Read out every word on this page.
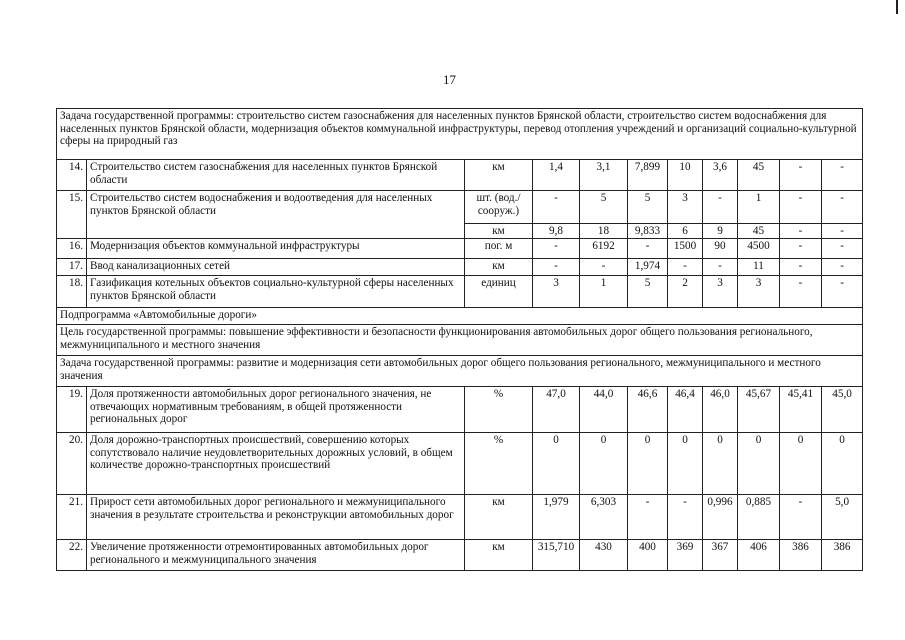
17
Задача государственной программы: строительство систем газоснабжения для населенных пунктов Брянской области, строительство систем водоснабжения для населенных пунктов Брянской области, модернизация объектов коммунальной инфраструктуры, перевод отопления учреждений и организаций социально-культурной сферы на природный газ										
14.	Строительство систем газоснабжения для населенных пунктов Брянской области	км	1,4	3,1	7,899	10	3,6	45	-	-
15.	Строительство систем водоснабжения и водоотведения для населенных пунктов Брянской области	шт. (вод./ сооруж.)	-	5	5	3	-	1	-	-
		км	9,8	18	9,833	6	9	45	-	-
16.	Модернизация объектов коммунальной инфраструктуры	пог. м	-	6192	-	1500	90	4500	-	-
17.	Ввод канализационных сетей	км	-	-	1,974	-	-	11	-	-
18.	Газификация котельных объектов социально-культурной сферы населенных пунктов Брянской области	единиц	3	1	5	2	3	3	-	-
Подпрограмма «Автомобильные дороги»										
Цель государственной программы: повышение эффективности и безопасности функционирования автомобильных дорог общего пользования регионального, межмуниципального и местного значения										
Задача государственной программы: развитие и модернизация сети автомобильных дорог общего пользования регионального, межмуниципального и местного значения										
19.	Доля протяженности автомобильных дорог регионального значения, не отвечающих нормативным требованиям, в общей протяженности региональных дорог	%	47,0	44,0	46,6	46,4	46,0	45,67	45,41	45,0
20.	Доля дорожно-транспортных происшествий, совершению которых сопутствовало наличие неудовлетворительных дорожных условий, в общем количестве дорожно-транспортных происшествий	%	0	0	0	0	0	0	0	0
21.	Прирост сети автомобильных дорог регионального и межмуниципального значения в результате строительства и реконструкции автомобильных дорог	км	1,979	6,303	-	-	0,996	0,885	-	5,0
22.	Увеличение протяженности отремонтированных автомобильных дорог регионального и межмуниципального значения	км	315,710	430	400	369	367	406	386	386
